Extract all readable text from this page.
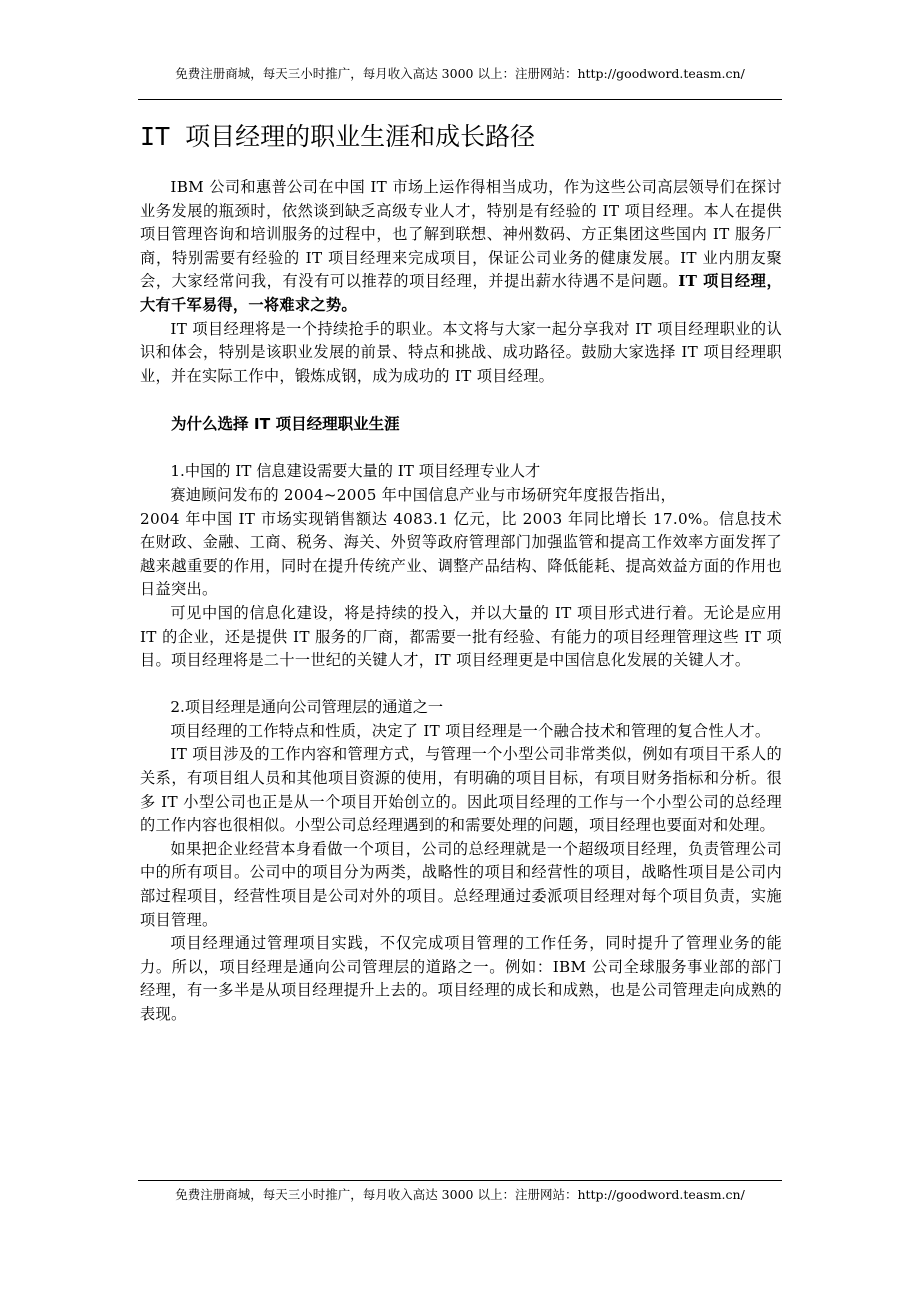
免费注册商城，每天三小时推广，每月收入高达 3000 以上：注册网站：http://goodword.teasm.cn/
IT 项目经理的职业生涯和成长路径

IBM 公司和惠普公司在中国 IT 市场上运作得相当成功，作为这些公司高层领导们在探讨业务发展的瓶颈时，依然谈到缺乏高级专业人才，特别是有经验的 IT 项目经理。本人在提供项目管理咨询和培训服务的过程中，也了解到联想、神州数码、方正集团这些国内 IT 服务厂商，特别需要有经验的 IT 项目经理来完成项目，保证公司业务的健康发展。IT 业内朋友聚会，大家经常问我，有没有可以推荐的项目经理，并提出薪水待遇不是问题。IT 项目经理，大有千军易得，一将难求之势。

IT 项目经理将是一个持续抢手的职业。本文将与大家一起分享我对 IT 项目经理职业的认识和体会，特别是该职业发展的前景、特点和挑战、成功路径。鼓励大家选择 IT 项目经理职业，并在实际工作中，锻炼成钢，成为成功的 IT 项目经理。

为什么选择 IT 项目经理职业生涯
1.中国的 IT 信息建设需要大量的 IT 项目经理专业人才

赛迪顾问发布的 2004~2005 年中国信息产业与市场研究年度报告指出，

2004 年中国 IT 市场实现销售额达 4083.1 亿元，比 2003 年同比增长 17.0%。信息技术在财政、金融、工商、税务、海关、外贸等政府管理部门加强监管和提高工作效率方面发挥了越来越重要的作用，同时在提升传统产业、调整产品结构、降低能耗、提高效益方面的作用也日益突出。

可见中国的信息化建设，将是持续的投入，并以大量的 IT 项目形式进行着。无论是应用 IT 的企业，还是提供 IT 服务的厂商，都需要一批有经验、有能力的项目经理管理这些 IT 项目。项目经理将是二十一世纪的关键人才，IT 项目经理更是中国信息化发展的关键人才。

2.项目经理是通向公司管理层的通道之一

项目经理的工作特点和性质，决定了 IT 项目经理是一个融合技术和管理的复合性人才。

IT 项目涉及的工作内容和管理方式，与管理一个小型公司非常类似，例如有项目干系人的关系，有项目组人员和其他项目资源的使用，有明确的项目目标，有项目财务指标和分析。很多 IT 小型公司也正是从一个项目开始创立的。因此项目经理的工作与一个小型公司的总经理的工作内容也很相似。小型公司总经理遇到的和需要处理的问题，项目经理也要面对和处理。

如果把企业经营本身看做一个项目，公司的总经理就是一个超级项目经理，负责管理公司中的所有项目。公司中的项目分为两类，战略性的项目和经营性的项目，战略性项目是公司内部过程项目，经营性项目是公司对外的项目。总经理通过委派项目经理对每个项目负责，实施项目管理。

项目经理通过管理项目实践，不仅完成项目管理的工作任务，同时提升了管理业务的能力。所以，项目经理是通向公司管理层的道路之一。例如：IBM 公司全球服务事业部的部门经理，有一多半是从项目经理提升上去的。项目经理的成长和成熟，也是公司管理走向成熟的表现。

免费注册商城，每天三小时推广，每月收入高达 3000 以上：注册网站：http://goodword.teasm.cn/
